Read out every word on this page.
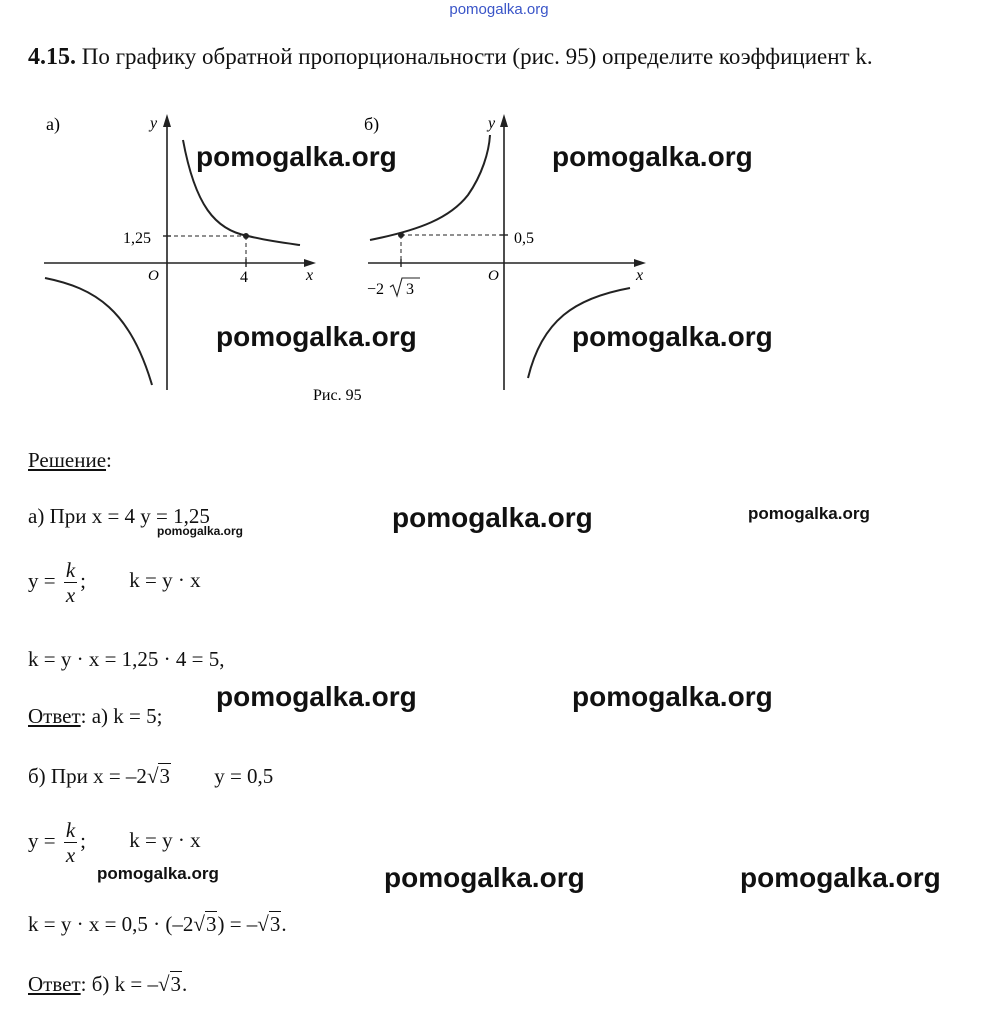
pomogalka.org
4.15. По графику обратной пропорциональности (рис. 95) определите коэффициент k.
а)	y
x
O
1,25
4
б)	y
x
O
0,5
−2 3
Рис. 95
pomogalka.org	pomogalka.org
pomogalka.org	pomogalka.org
pomogalka.org	pomogalka.org
pomogalka.org	pomogalka.org
pomogalka.org	pomogalka.org
pomogalka.org
pomogalka.org
Решение:
а) При x = 4 y = 1,25
$y = \frac{k}{x}$ ; k = y · x
k = y · x = 1,25 · 4 = 5,
Ответ: а) k = 5;
б) При x = –2√3 y = 0,5
$y = \frac{k}{x}$ ; k = y · x
k = y · x = 0,5 · (–2√3) = –√3.
Ответ: б) k = –√3.
